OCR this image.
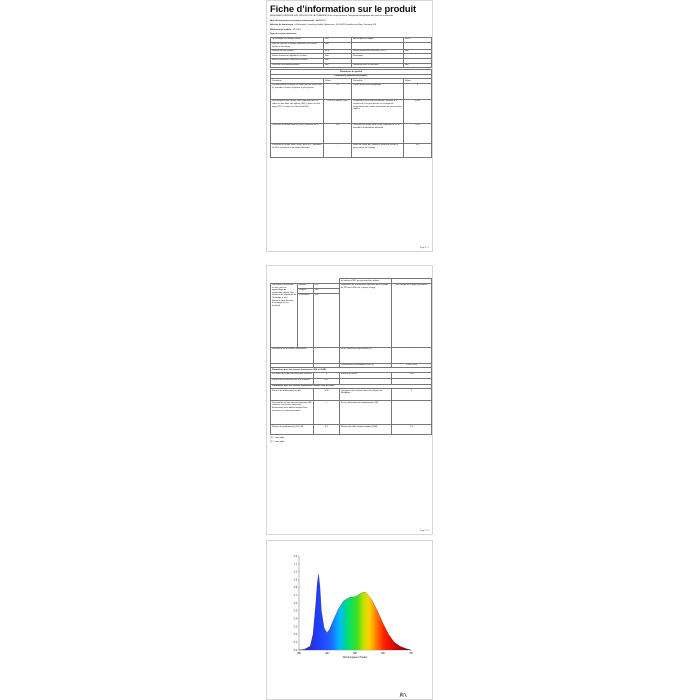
Fiche d’information sur le produit
RÈGLEMENT DÉLÉGUÉ (UE) 2019/2015 DE LA COMMISSION en ce qui concerne l’étiquetage énergétique des sources lumineuses
Nom du fournisseur ou marque commerciale : AVERSUY
Adresse du fournisseur : eVisionador Consulting GmbH, Brotstrasse. 30, 60325 Frankfurt am Main, Germany, DE
Référence du modèle : ST-1002
Type de source lumineuse:
Technologie d'éclairage utilisée:	LED	Non-dirigée ou dirigée:	NDLS
Type de culot de la source lumineuse (ou d'autre interface électrique)	N/A		
Secteur ou non secteur:	MLS	Source lumineuse connectée (SLC):	Non
Source lumineuse réglable en couleur	Non	Enveloppe:	-
Source lumineuse à luminance élevée:	Non		
Protection anti-éblouissement:	Non	Utilisation avec un variateur:	Non
Paramètres du produit			
Paramètres généraux du produit:			
Paramètre	Valeur	Paramètre	Valeur
Consommation d'énergie en mode marche (kWh/1000 h), arrondie à l'entier supérieur le plus proche	23	Classe d'efficacité énergétique	F
Flux lumineux utile (Φuse), avec indication qu'il se réfère au flux dans une sphère (360°), dans un cône large (120°) ou dans un cône étroit (90°)	2 300 sur Sphère (360°)	Température de couleur proximale, arrondie à la centaine de K la plus proche, ou la plage de températures de couleur proximales qui peuvent être réglées	3 000
Puissance en mode marche (Pon), exprimée en W	11,0	Puissance en mode veille (Psb), exprimée en W et arrondie à la deuxième décimale	0,00
Puissance en mode veille (Pnet), pour SLC, exprimée en W et arrondie à la deuxième décimale	-	Indice de rendu des couleurs, arrondi à l'entier le plus proche, ou la plage	80
Page 1 / 2
			de valeurs d'IRC qui peuvent être réglées	
Dimensions extérieures en mm, sans un appareillage de commande séparé, des éléments de régulation de l'éclairage et des éléments sans fonction d'éclairage (le cas échéant)	Hauteur	559	Distribution de la puissance spectrale dans la plage de 250 nm à 800 nm, à pleine charge	Voir l'image de la page précédente
	Largeur	240		
	Profondeur	559		
Déclaration de puissance équivalente		-	Si oui, puissance équivalente (W)	-
			Coordonnées chromatiques (x et y)	0,439 0,405
Paramètres pour les sources lumineuses LED et OLED:				
R9 valeur de l'indice de rendu des couleurs		0	Facteur de survie	0,96
Facteur de conservation du flux lumineux		0,97		
Paramètres pour les sources lumineuses secteur LED et OLED:				
Facteur de déphasage (cos φ1)		0,99	Constance des couleurs dans les ellipses de MacAdam	5
Déclarations qu'une source lumineuse LED remplace une source lumineuse fluorescente sans ballast intégré d'une puissance en watts particulière		-/-	Si oui, déclaration de remplacement (W)	-
Mesure du papillotement (Pst LM)		0,2	Mesure de l'effet stroboscopique (SVM)	0,3
(1) '-' sans objet;
(2) '-' sans objet;
Page 2 / 2
0.0
0.1
0.2
0.3
0.4
0.5
0.6
0.7
0.8
0.9
1.0
1.1
1.2
380	480	580	680	780
Nom(Longueur d'onde)
